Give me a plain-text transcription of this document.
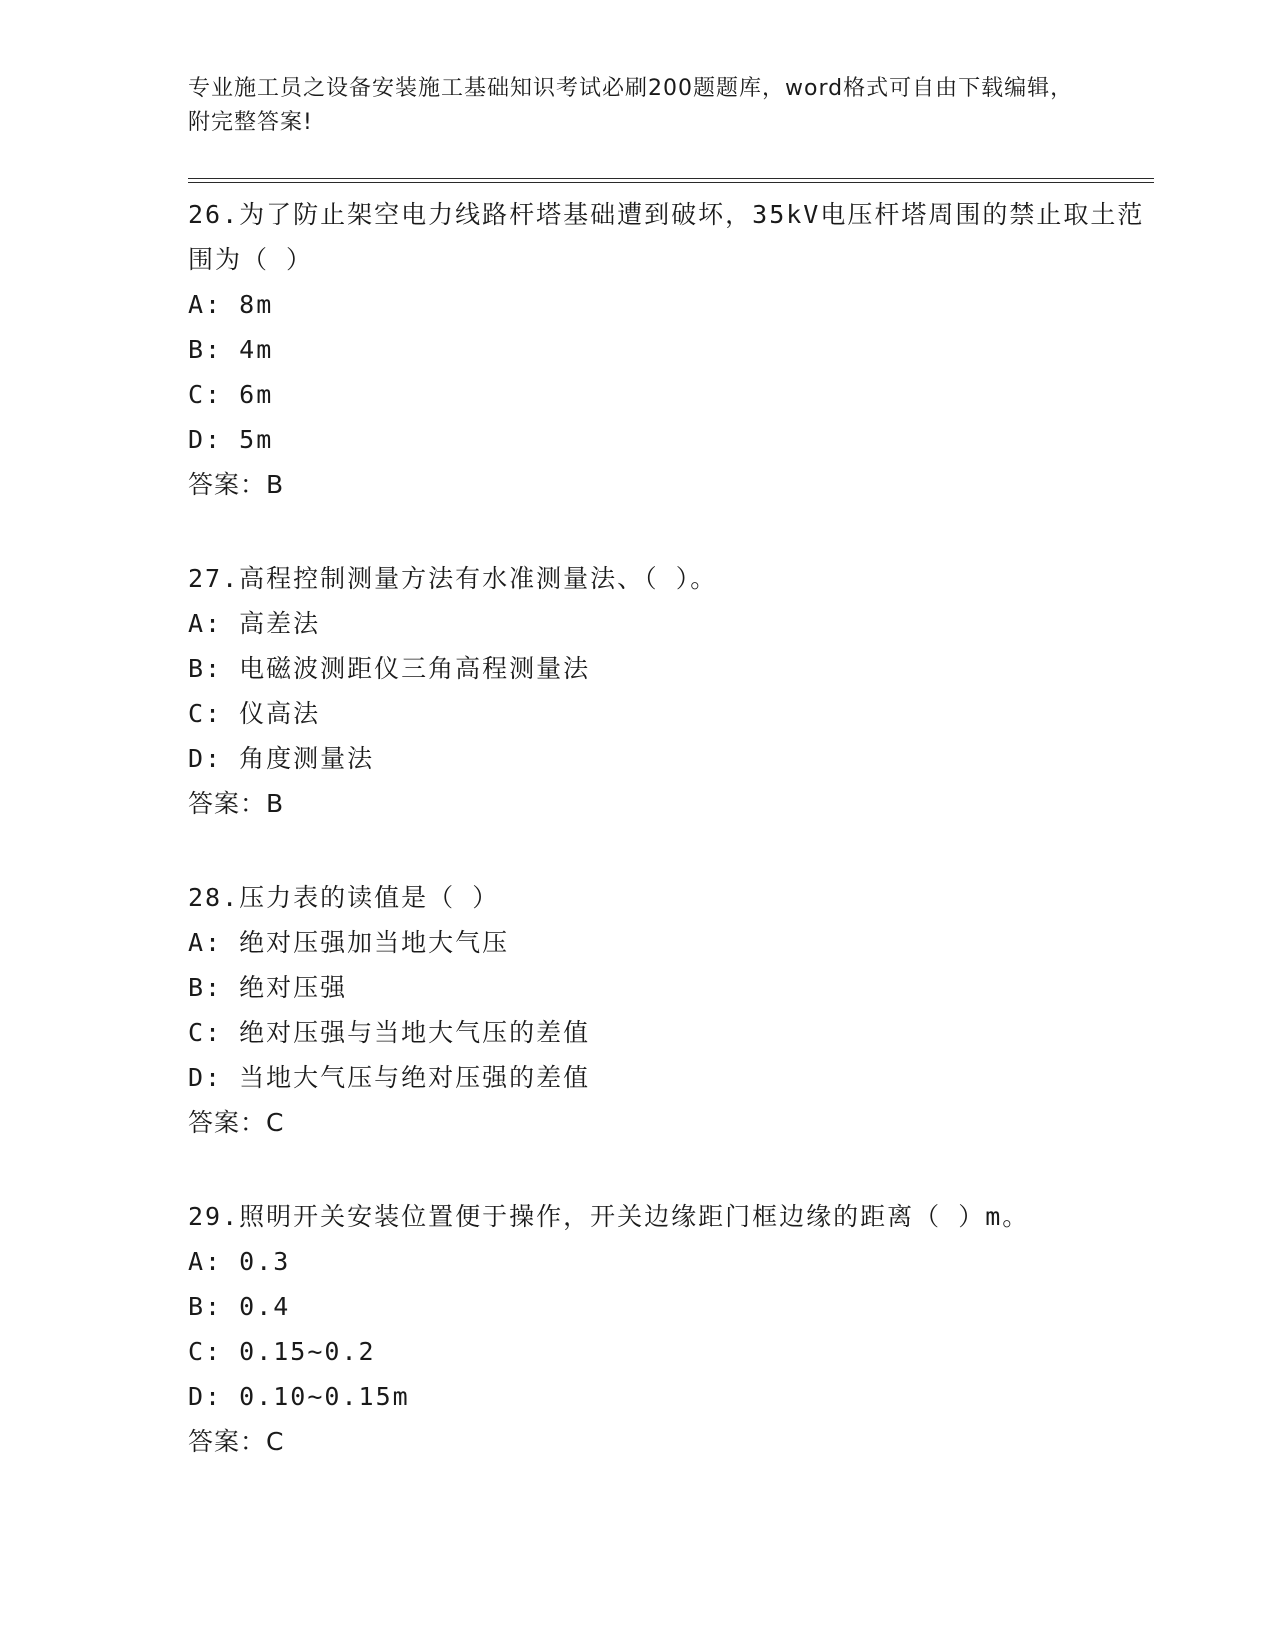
专业施工员之设备安装施工基础知识考试必刷200题题库，word格式可自由下载编辑，附完整答案!
26.为了防止架空电力线路杆塔基础遭到破坏，35kV电压杆塔周围的禁止取土范围为（ ）
A: 8m
B: 4m
C: 6m
D: 5m
答案：B
27.高程控制测量方法有水准测量法、（ ）。
A: 高差法
B: 电磁波测距仪三角高程测量法
C: 仪高法
D: 角度测量法
答案：B
28.压力表的读值是（ ）
A: 绝对压强加当地大气压
B: 绝对压强
C: 绝对压强与当地大气压的差值
D: 当地大气压与绝对压强的差值
答案：C
29.照明开关安装位置便于操作，开关边缘距门框边缘的距离（ ）m。
A: 0.3
B: 0.4
C: 0.15~0.2
D: 0.10~0.15m
答案：C
